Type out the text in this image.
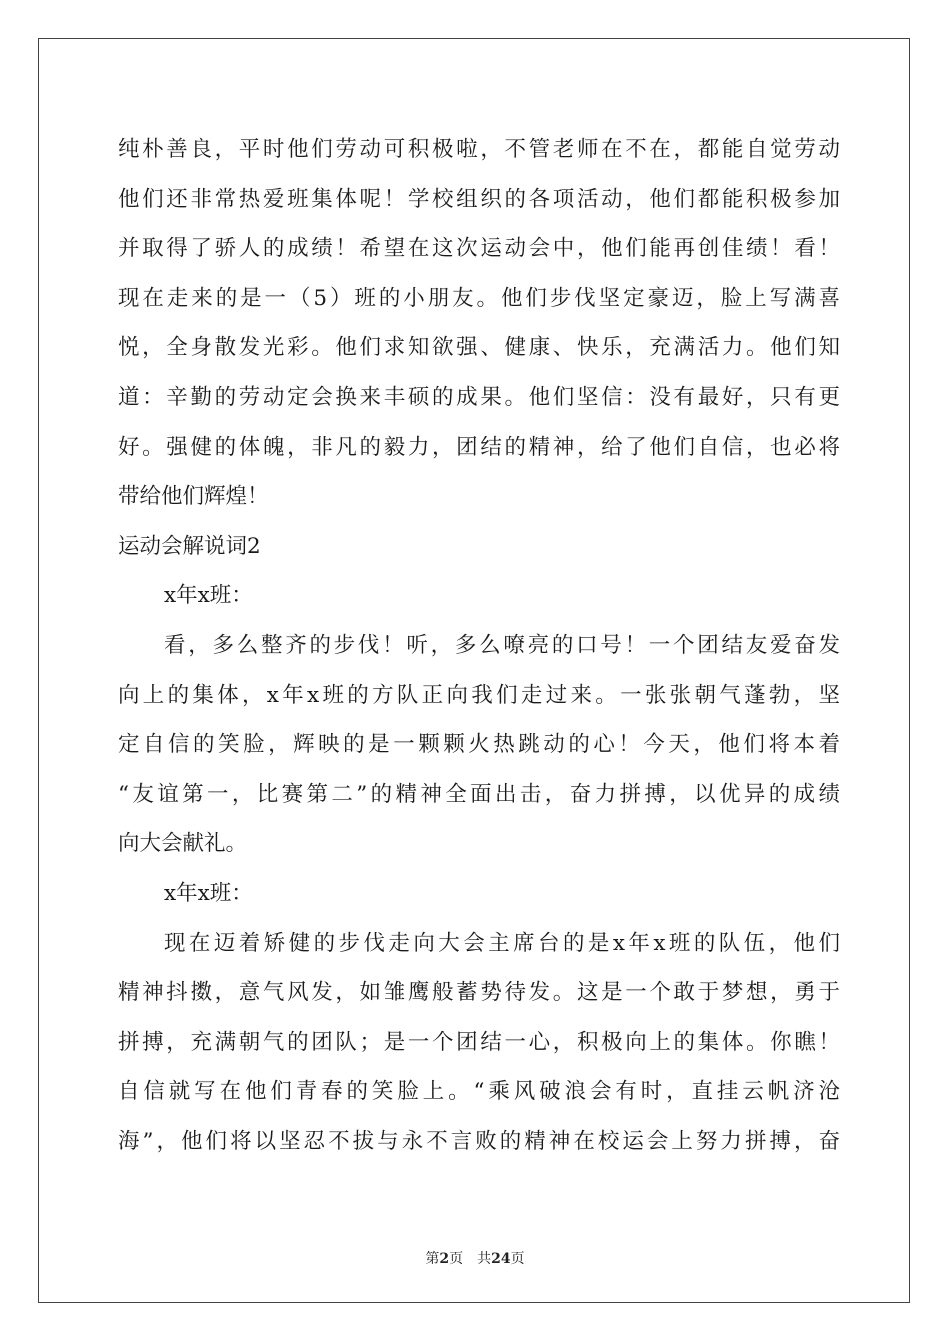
纯朴善良，平时他们劳动可积极啦，不管老师在不在，都能自觉劳动
他们还非常热爱班集体呢！学校组织的各项活动，他们都能积极参加
并取得了骄人的成绩！希望在这次运动会中，他们能再创佳绩！看！
现在走来的是一（5）班的小朋友。他们步伐坚定豪迈，脸上写满喜
悦，全身散发光彩。他们求知欲强、健康、快乐，充满活力。他们知
道：辛勤的劳动定会换来丰硕的成果。他们坚信：没有最好，只有更
好。强健的体魄，非凡的毅力，团结的精神，给了他们自信，也必将
带给他们辉煌！
运动会解说词2
x年x班：
看，多么整齐的步伐！听，多么嘹亮的口号！一个团结友爱奋发
向上的集体，x年x班的方队正向我们走过来。一张张朝气蓬勃，坚
定自信的笑脸，辉映的是一颗颗火热跳动的心！今天，他们将本着
“友谊第一，比赛第二”的精神全面出击，奋力拼搏，以优异的成绩
向大会献礼。
x年x班：
现在迈着矫健的步伐走向大会主席台的是x年x班的队伍，他们
精神抖擞，意气风发，如雏鹰般蓄势待发。这是一个敢于梦想，勇于
拼搏，充满朝气的团队；是一个团结一心，积极向上的集体。你瞧！
自信就写在他们青春的笑脸上。“乘风破浪会有时，直挂云帆济沧
海”，他们将以坚忍不拔与永不言败的精神在校运会上努力拼搏，奋
第2页 共24页
